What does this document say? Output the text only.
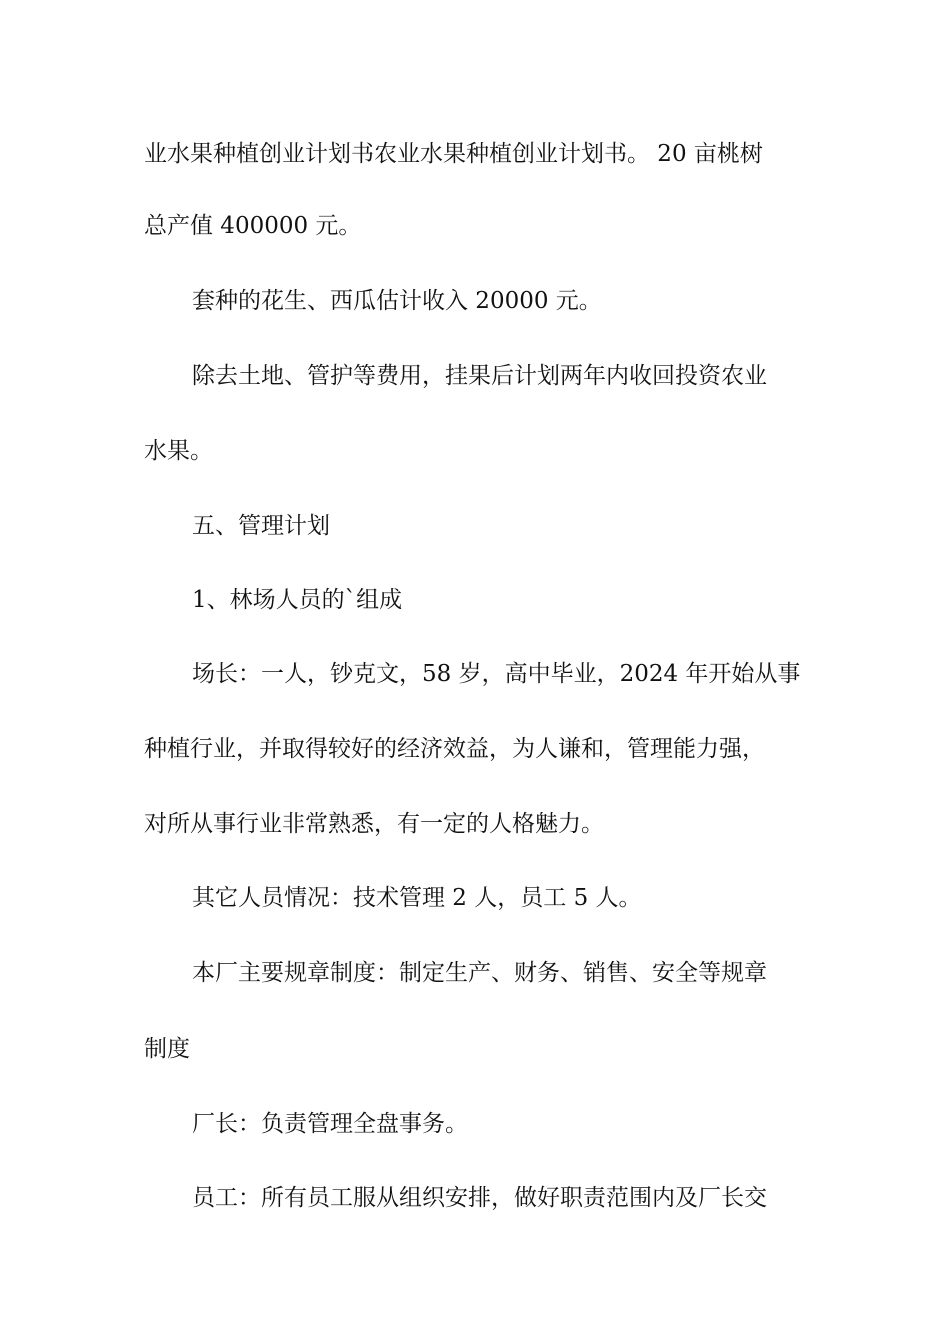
业水果种植创业计划书农业水果种植创业计划书。 20 亩桃树
总产值 400000 元。
套种的花生、西瓜估计收入 20000 元。
除去土地、管护等费用，挂果后计划两年内收回投资农业
水果。
五、管理计划
1、林场人员的`组成
场长：一人，钞克文，58 岁，高中毕业，2024 年开始从事
种植行业，并取得较好的经济效益，为人谦和，管理能力强，
对所从事行业非常熟悉，有一定的人格魅力。
其它人员情况：技术管理 2 人，员工 5 人。
本厂主要规章制度：制定生产、财务、销售、安全等规章
制度
厂长：负责管理全盘事务。
员工：所有员工服从组织安排，做好职责范围内及厂长交
